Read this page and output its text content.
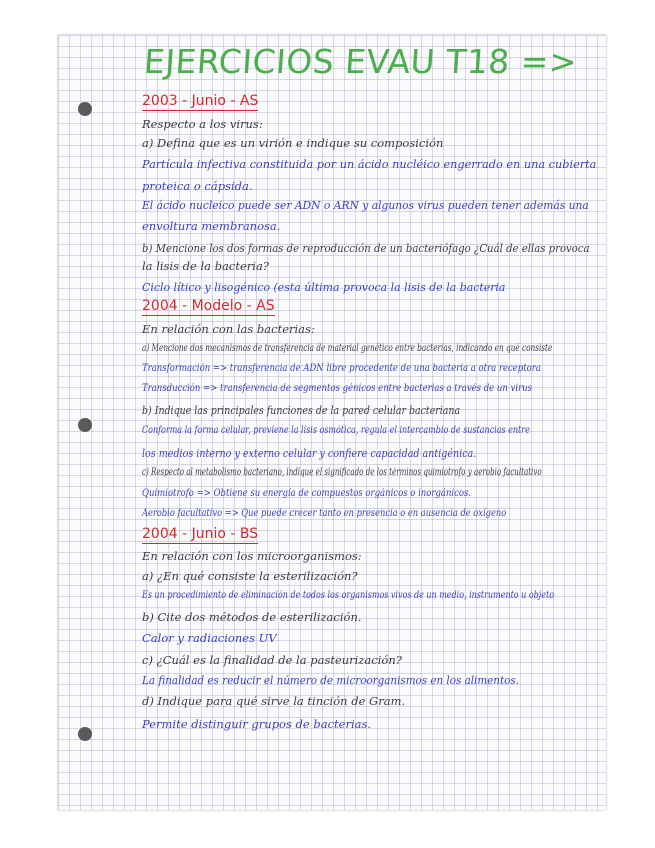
EJERCICIOS EVAU T18 =>
2003 - Junio - AS
Respecto a los virus:
a) Defina que es un virión e indique su composición
Partícula infectiva constituida por un ácido nucléico engerrado en una cubierta
proteica o cápsida.
El ácido nucleico puede ser ADN o ARN y algunos virus pueden tener además una
envoltura membranosa.
b) Mencione los dos formas de reproducción de un bacteriófago ¿Cuál de ellas provoca
la lisis de la bacteria?
Ciclo lítico y lisogénico (esta última provoca la lisis de la bacteria
2004 - Modelo - AS
En relación con las bacterias:
a) Mencione dos mecanismos de transferencia de material genético entre bacterias, indicando en qué consiste
Transformación => transferencia de ADN libre procedente de una bacteria a otra receptora
Transducción => transferencia de segmentos génicos entre bacterias a través de un virus
b) Indique las principales funciones de la pared celular bacteriana
Conforma la forma celular, previene la lisis osmótica, regula el intercambio de sustancias entre
los medios interno y externo celular y confiere capacidad antigénica.
c) Respecto al metabolismo bacteriano, indique el significado de los términos quimiotrofo y aerobio facultativo
Quimiotrofo => Obtiene su energía de compuestos orgánicos o inorgánicos.
Aerobio facultativo => Que puede crecer tanto en presencia o en ausencia de oxígeno
2004 - Junio - BS
En relación con los microorganismos:
a) ¿En qué consiste la esterilización?
Es un procedimiento de eliminación de todos los organismos vivos de un medio, instrumento u objeto
b) Cite dos métodos de esterilización.
Calor y radiaciones UV
c) ¿Cuál es la finalidad de la pasteurización?
La finalidad es reducir el número de microorganismos en los alimentos.
d) Indique para qué sirve la tinción de Gram.
Permite distinguir grupos de bacterias.
